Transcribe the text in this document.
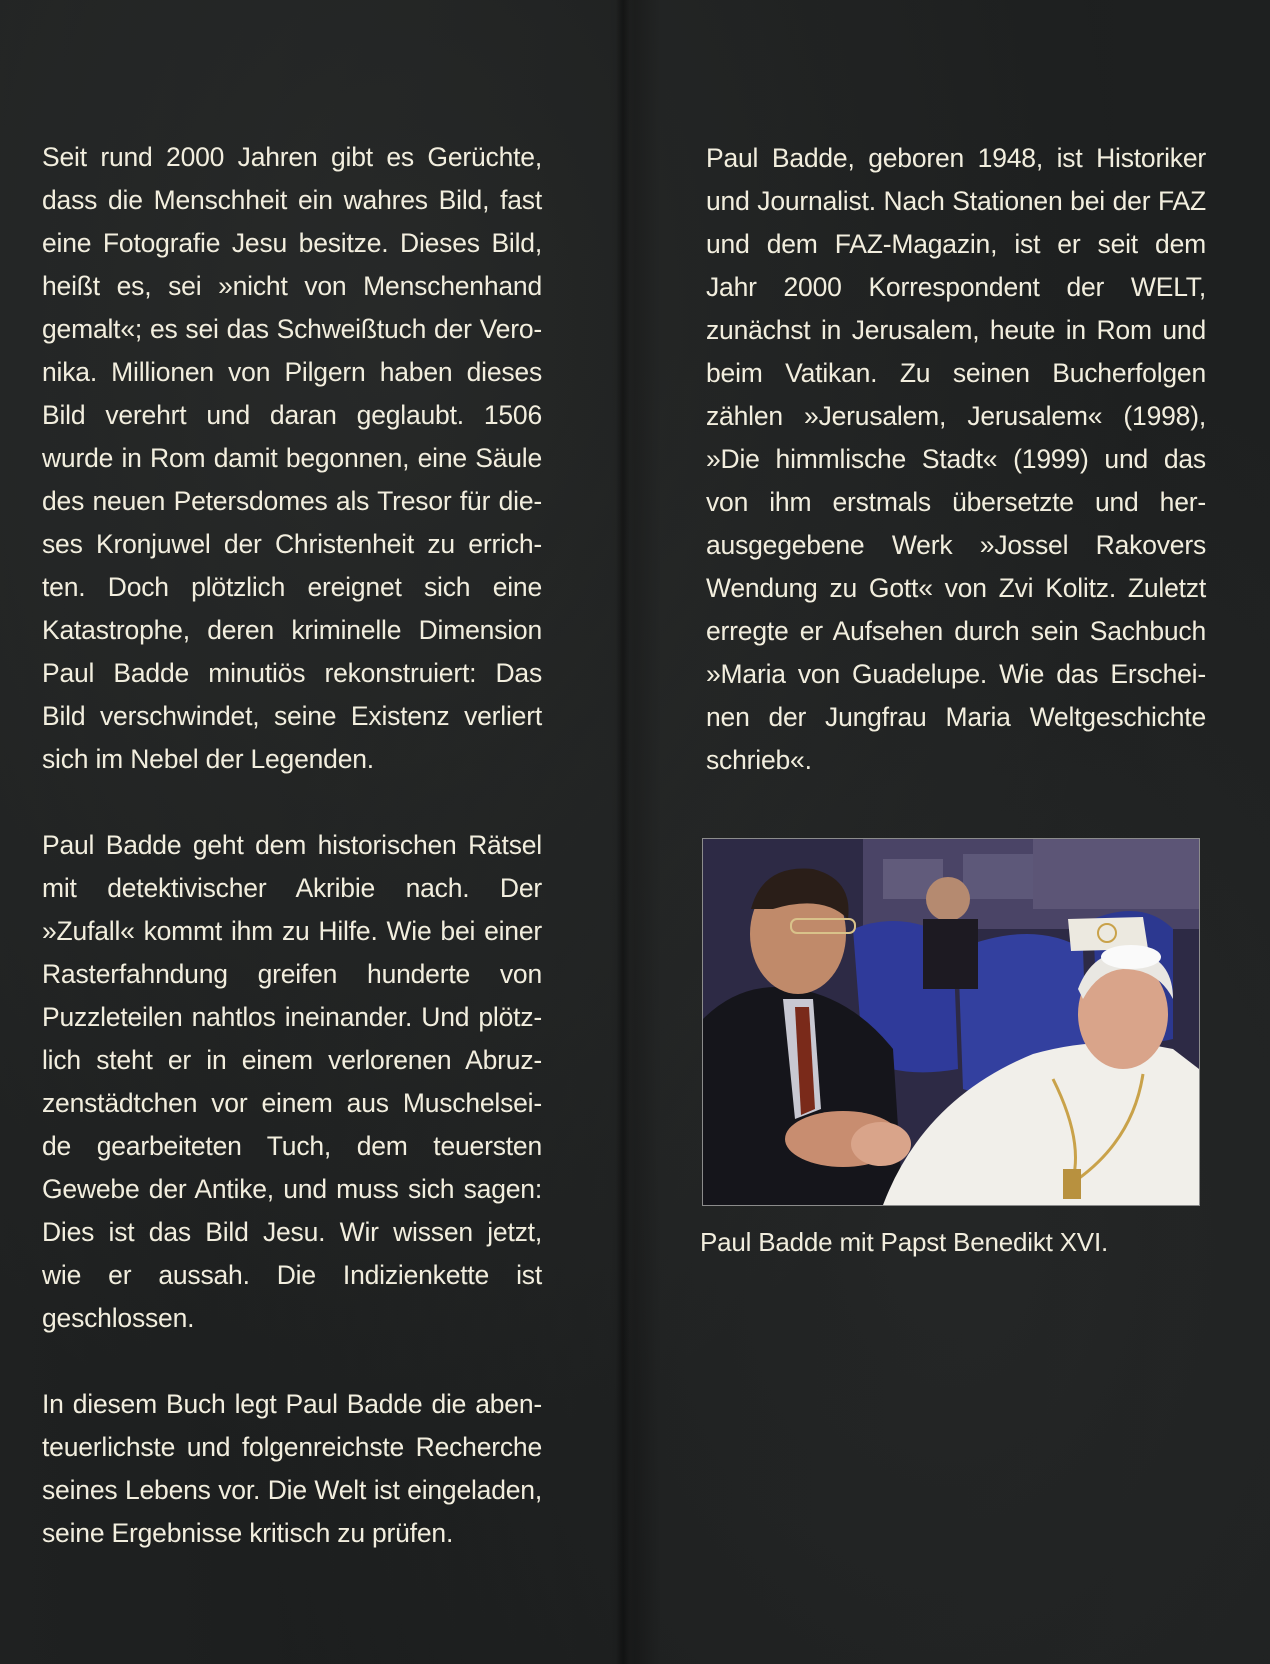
Seit rund 2000 Jahren gibt es Gerüchte,
dass die Menschheit ein wahres Bild, fast
eine Fotografie Jesu besitze. Dieses Bild,
heißt es, sei »nicht von Menschenhand
gemalt«; es sei das Schweißtuch der Vero-
nika. Millionen von Pilgern haben dieses
Bild verehrt und daran geglaubt. 1506
wurde in Rom damit begonnen, eine Säule
des neuen Petersdomes als Tresor für die-
ses Kronjuwel der Christenheit zu errich-
ten. Doch plötzlich ereignet sich eine
Katastrophe, deren kriminelle Dimension
Paul Badde minutiös rekonstruiert: Das
Bild verschwindet, seine Existenz verliert
sich im Nebel der Legenden.
Paul Badde geht dem historischen Rätsel
mit detektivischer Akribie nach. Der
»Zufall« kommt ihm zu Hilfe. Wie bei einer
Rasterfahndung greifen hunderte von
Puzzleteilen nahtlos ineinander. Und plötz-
lich steht er in einem verlorenen Abruz-
zenstädtchen vor einem aus Muschelsei-
de gearbeiteten Tuch, dem teuersten
Gewebe der Antike, und muss sich sagen:
Dies ist das Bild Jesu. Wir wissen jetzt,
wie er aussah. Die Indizienkette ist
geschlossen.
In diesem Buch legt Paul Badde die aben-
teuerlichste und folgenreichste Recherche
seines Lebens vor. Die Welt ist eingeladen,
seine Ergebnisse kritisch zu prüfen.
Paul Badde, geboren 1948, ist Historiker
und Journalist. Nach Stationen bei der FAZ
und dem FAZ-Magazin, ist er seit dem
Jahr 2000 Korrespondent der WELT,
zunächst in Jerusalem, heute in Rom und
beim Vatikan. Zu seinen Bucherfolgen
zählen »Jerusalem, Jerusalem« (1998),
»Die himmlische Stadt« (1999) und das
von ihm erstmals übersetzte und her-
ausgegebene Werk »Jossel Rakovers
Wendung zu Gott« von Zvi Kolitz. Zuletzt
erregte er Aufsehen durch sein Sachbuch
»Maria von Guadelupe. Wie das Erschei-
nen der Jungfrau Maria Weltgeschichte
schrieb«.
Paul Badde mit Papst Benedikt XVI.
